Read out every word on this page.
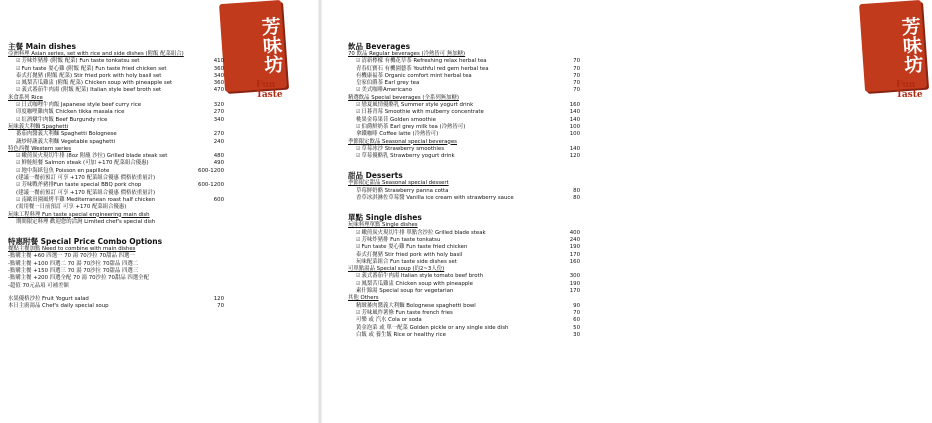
芳味坊
Fun Taste
主餐 Main dishes
亞洲料理 Asian series, set with rice and side dishes (附飯 配菜組合)
☑ 芳味炸豬排 (附飯 配菜) Fun taste tonkatsu set	410
☑ Fun taste 耍心雞 (附飯 配菜) Fun taste fried chicken set	360
泰式打拋豬 (附飯 配菜) Stir fried pork with holy basil set	340
☑ 鳳梨苦瓜雞盅 (附飯 配菜) Chicken soup with pineapple set	360
☑ 義式番茄牛肉湯 (附飯 配菜) Italian style beef broth set	470
米食系列 Rice
☑ 日式咖哩牛肉飯 Japanese style beef curry rice	320
印度咖哩雞肉飯 Chicken tikka masala rice	270
☑ 紅酒燉牛肉飯 Beef Burgundy rice	340
玩味義大利麵 Spaghetti
番茄肉醬義大利麵 Spaghetti Bolognese	270
蔬炒時蔬義大利麵 Vegetable spaghetti	240
特色西餐 Western series
☑ 嫩煎炭火現切牛排 (8oz 附蘸 沙拉) Grilled blade steak set	480
☑ 鮮鮭鮭餐 Salmon steak (可加 +170 配菜組合優惠)	490
☑ 地中海紙包魚 Poisson en papillote	600-1200
(建議一餐前預訂 可享 +170 配菜組合優惠 價格依重量計)
☑ 芳味戰斧豬排Fun taste special BBQ pork chop	600-1200
(建議一餐前預訂 可享 +170 配菜組合優惠 價格依重量計)
☑ 南歐田園風烤半雞 Mediterranean roast half chicken	600
(需用餐一日前預訂 可享 +170 配菜組合優惠)
玩味工程料理 Fun taste special engineering main dish
期間限定料理 歡迎您的洽詢 Limited chef's special dish
特惠附餐 Special Price Combo Options
餐點主餐加點 Need to combine with main dishes
-點購主餐 +60 四選一 70 湯 70沙拉 70甜品 四選一
-點購主餐 +100 四選二 70 湯 70沙拉 70甜品 四選二
-點購主餐 +150 四選三 70 湯 70沙拉 70甜品 四選三
-點購主餐 +200 四選全配 70 湯 70沙拉 70甜品 四選全配
-超值 70元品項 可補差額
水果優格沙拉 Fruit Yogurt salad	120
本日主廚湯品 Chef's daily special soup	70
芳味坊
Fun Taste
飲品 Beverages
70 飲品 Regular beverages (冷熱皆可 無加糖)
☑ 清新檸檬 有機花草茶 Refreshing relax herbal tea	70
青春紅寶石 有機園藝茶 Youthful red gem herbal tea	70
有機康福茶 Organic comfort mint herbal tea	70
皇家伯爵茶 Earl grey tea	70
☑ 美式咖啡Americano	70
精選飲品 Special beverages (全系列無加糖)
☑ 戀夏風情優酪乳 Summer style yogurt drink	160
☑ 日暮青莓 Smoothie with mulberry concentrate	140
桃果金莓果昔 Golden smoothie	140
☑ 伯爵鮮奶茶 Earl grey milk tea (冷熱皆可)	100
拿鐵咖啡 Coffee latte (冷熱皆可)	100
季節限定飲品 Seasonal special beverages
☑ 草莓冰沙 Strawberry smoothies	140
☑ 草莓優酪乳 Strawberry yogurt drink	120
甜品 Desserts
季節限定甜品 Seasonal special dessert
草莓鮮奶酪 Strawberry panna cotta	80
香草冰淇淋佐草莓醬 Vanilla ice cream with strawberry sauce	80
單點 Single dishes
玩味料理單點 Single dishes
☑ 嫩煎炭火現切牛排 單點含沙拉 Grilled blade steak	400
☑ 芳味炸豬排 Fun taste tonkatsu	240
☑ Fun taste 耍心雞 Fun taste fried chicken	190
泰式打拋豬 Stir fried pork with holy basil	170
玩味配菜組合 Fun taste side dishes set	160
可單點湯品 Special soup (約2~3人份)
☑ 義式番茄牛肉湯 Italian style tomato beef broth	300
☑ 鳳梨苦瓜雞盅 Chicken soup with pineapple	190
素什錦湯 Special soup for vegetarian	170
其他 Others
精緻蕃肉醬義大利麵 Bolognese spaghetti bowl	90
☑ 芳味風炸薯條 Fun taste french fries	70
可樂 或 汽水 Cola or soda	60
黃金泡菜 或 單一配菜 Golden pickle or any single side dish	50
白飯 或 養生飯 Rice or healthy rice	30
